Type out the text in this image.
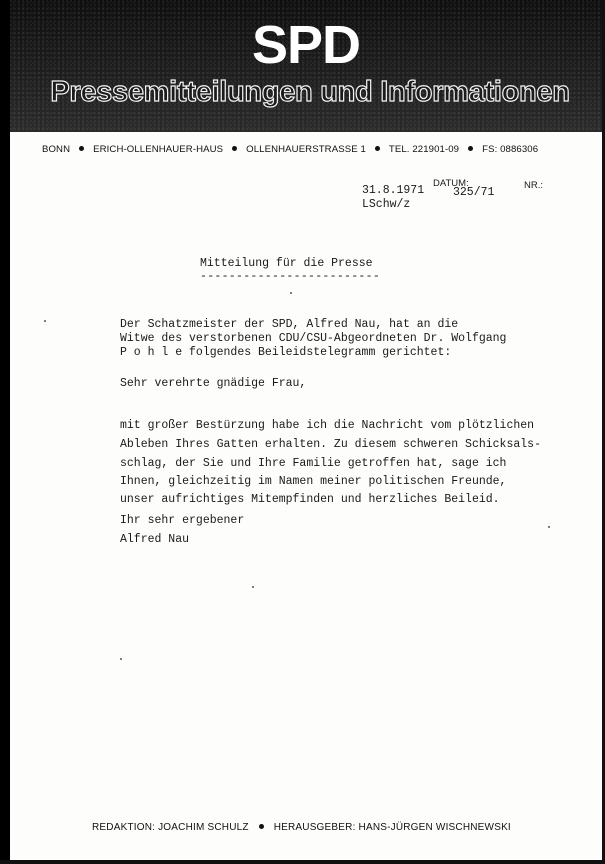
SPD
Pressemitteilungen und Informationen
BONN ERICH-OLLENHAUER-HAUS OLLENHAUERSTRASSE 1 TEL. 221901-09 FS: 0886306
31.8.1971
DATUM:
325/71
NR.:
LSchw/z
Mitteilung für die Presse
-------------------------
Der Schatzmeister der SPD, Alfred Nau, hat an die
Witwe des verstorbenen CDU/CSU-Abgeordneten Dr. Wolfgang
P o h l e folgendes Beileidstelegramm gerichtet:
Sehr verehrte gnädige Frau,
mit großer Bestürzung habe ich die Nachricht vom plötzlichen
Ableben Ihres Gatten erhalten. Zu diesem schweren Schicksals-
schlag, der Sie und Ihre Familie getroffen hat, sage ich
Ihnen, gleichzeitig im Namen meiner politischen Freunde,
unser aufrichtiges Mitempfinden und herzliches Beileid.
Ihr sehr ergebener
Alfred Nau
REDAKTION: JOACHIM SCHULZ	HERAUSGEBER: HANS-JÜRGEN WISCHNEWSKI
